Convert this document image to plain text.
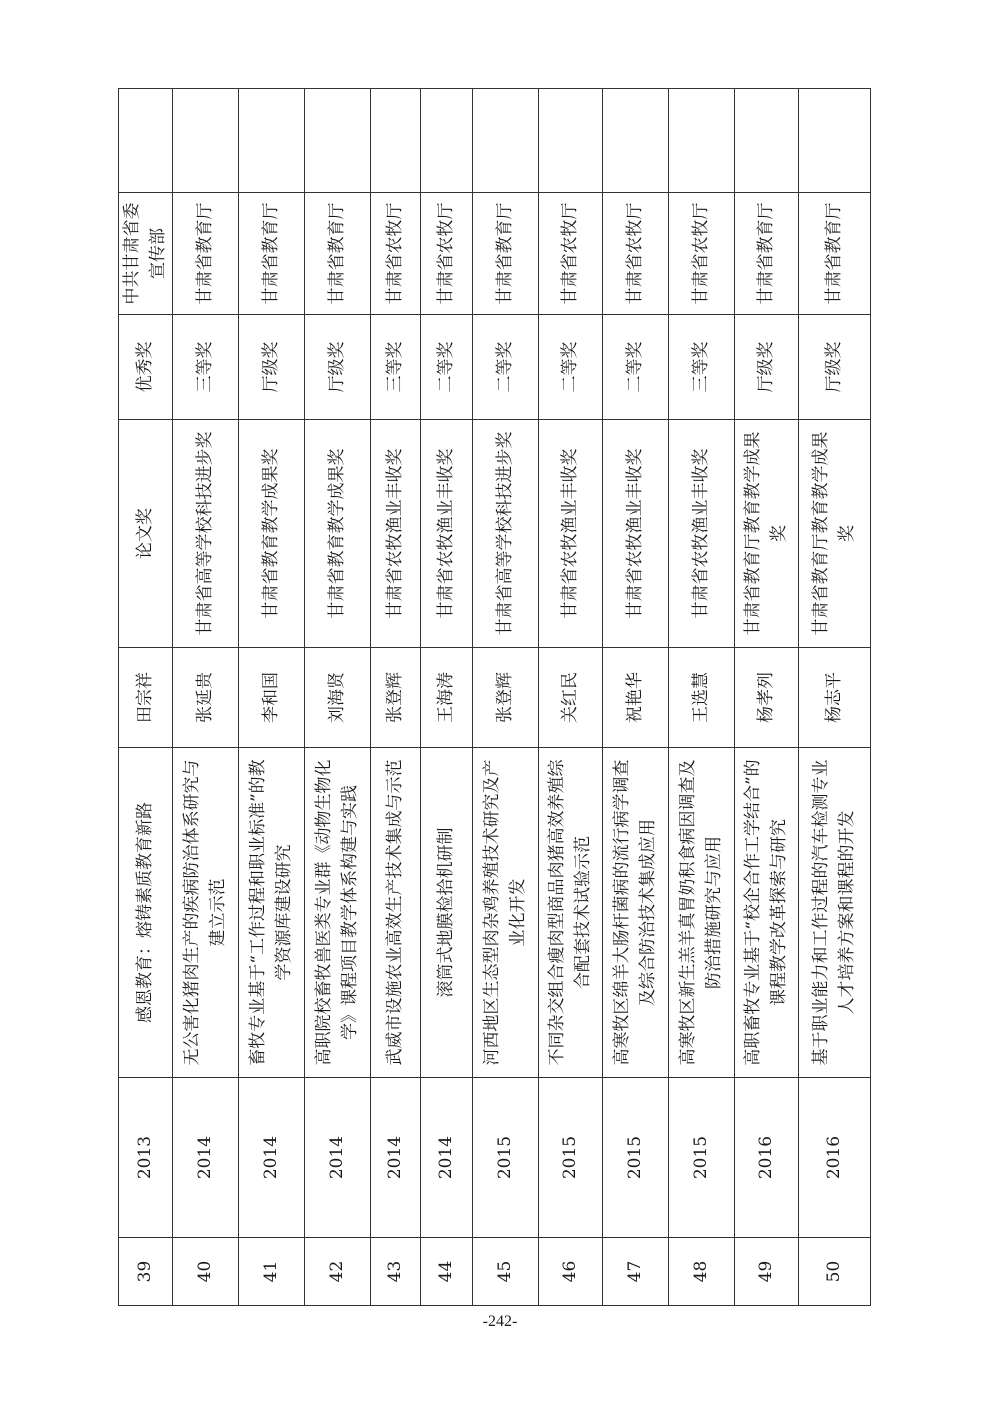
39	2013	感恩教育：熔铸素质教育新路	田宗祥	论文奖	优秀奖	中共甘肃省委宣传部	
40	2014	无公害化猪肉生产的疾病防治体系研究与建立示范	张延贵	甘肃省高等学校科技进步奖	三等奖	甘肃省教育厅	
41	2014	畜牧专业基于“工作过程和职业标准”的教学资源库建设研究	李和国	甘肃省教育教学成果奖	厅级奖	甘肃省教育厅	
42	2014	高职院校畜牧兽医类专业群《动物生物化学》课程项目教学体系构建与实践	刘海贤	甘肃省教育教学成果奖	厅级奖	甘肃省教育厅	
43	2014	武威市设施农业高效生产技术集成与示范	张登辉	甘肃省农牧渔业丰收奖	三等奖	甘肃省农牧厅	
44	2014	滚筒式地膜检拾机研制	王海涛	甘肃省农牧渔业丰收奖	二等奖	甘肃省农牧厅	
45	2015	河西地区生态型肉杂鸡养殖技术研究及产业化开发	张登辉	甘肃省高等学校科技进步奖	二等奖	甘肃省教育厅	
46	2015	不同杂交组合瘦肉型商品肉猪高效养殖综合配套技术试验示范	关红民	甘肃省农牧渔业丰收奖	二等奖	甘肃省农牧厅	
47	2015	高寒牧区绵羊大肠杆菌病的流行病学调查及综合防治技术集成应用	祝艳华	甘肃省农牧渔业丰收奖	二等奖	甘肃省农牧厅	
48	2015	高寒牧区新生羔羊真胃奶积食病因调查及防治措施研究与应用	王选慧	甘肃省农牧渔业丰收奖	三等奖	甘肃省农牧厅	
49	2016	高职畜牧专业基于“校企合作工学结合”的课程教学改革探索与研究	杨孝列	甘肃省教育厅教育教学成果奖	厅级奖	甘肃省教育厅	
50	2016	基于职业能力和工作过程的汽车检测专业人才培养方案和课程的开发	杨志平	甘肃省教育厅教育教学成果奖	厅级奖	甘肃省教育厅	
-242-
